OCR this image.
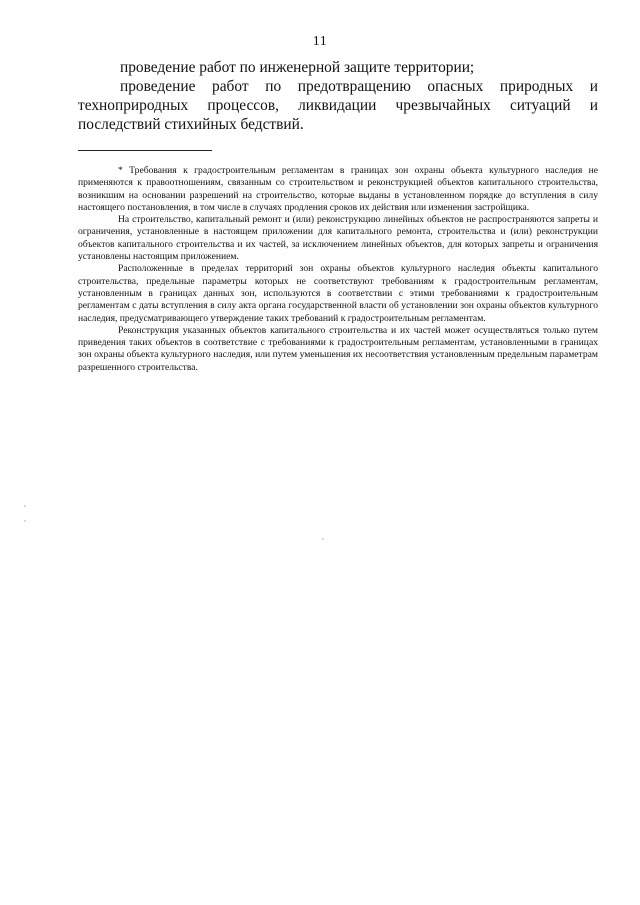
11

проведение работ по инженерной защите территории;

проведение работ по предотвращению опасных природных и техноприродных процессов, ликвидации чрезвычайных ситуаций и последствий стихийных бедствий.

* Требования к градостроительным регламентам в границах зон охраны объекта культурного наследия не применяются к правоотношениям, связанным со строительством и реконструкцией объектов капитального строительства, возникшим на основании разрешений на строительство, которые выданы в установленном порядке до вступления в силу настоящего постановления, в том числе в случаях продления сроков их действия или изменения застройщика.

На строительство, капитальный ремонт и (или) реконструкцию линейных объектов не распространяются запреты и ограничения, установленные в настоящем приложении для капитального ремонта, строительства и (или) реконструкции объектов капитального строительства и их частей, за исключением линейных объектов, для которых запреты и ограничения установлены настоящим приложением.

Расположенные в пределах территорий зон охраны объектов культурного наследия объекты капитального строительства, предельные параметры которых не соответствуют требованиям к градостроительным регламентам, установленным в границах данных зон, используются в соответствии с этими требованиями к градостроительным регламентам с даты вступления в силу акта органа государственной власти об установлении зон охраны объектов культурного наследия, предусматривающего утверждение таких требований к градостроительным регламентам.

Реконструкция указанных объектов капитального строительства и их частей может осуществляться только путем приведения таких объектов в соответствие с требованиями к градостроительным регламентам, установленными в границах зон охраны объекта культурного наследия, или путем уменьшения их несоответствия установленным предельным параметрам разрешенного строительства.
